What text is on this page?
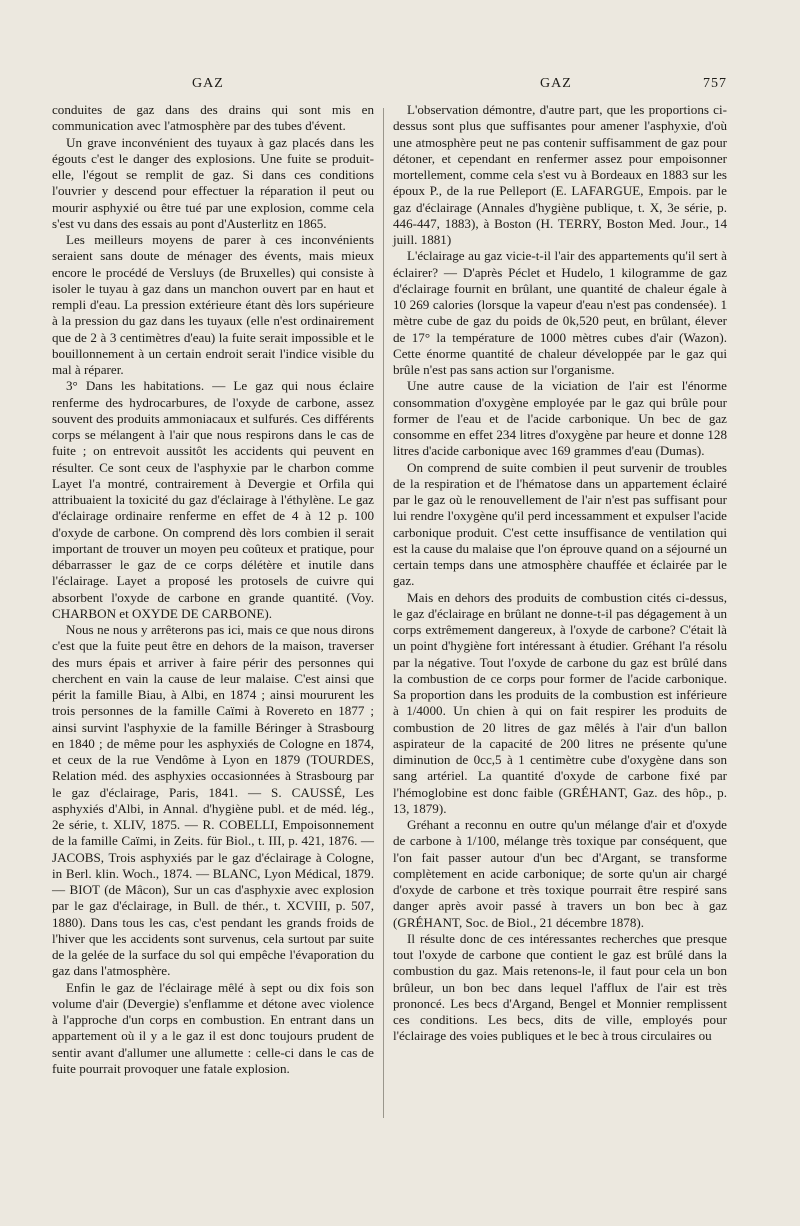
GAZ	GAZ	757

conduites de gaz dans des drains qui sont mis en communication avec l'atmosphère par des tubes d'évent.

Un grave inconvénient des tuyaux à gaz placés dans les égouts c'est le danger des explosions. Une fuite se produit-elle, l'égout se remplit de gaz. Si dans ces conditions l'ouvrier y descend pour effectuer la réparation il peut ou mourir asphyxié ou être tué par une explosion, comme cela s'est vu dans des essais au pont d'Austerlitz en 1865.

Les meilleurs moyens de parer à ces inconvénients seraient sans doute de ménager des évents, mais mieux encore le procédé de Versluys (de Bruxelles) qui consiste à isoler le tuyau à gaz dans un manchon ouvert par en haut et rempli d'eau. La pression extérieure étant dès lors supérieure à la pression du gaz dans les tuyaux (elle n'est ordinairement que de 2 à 3 centimètres d'eau) la fuite serait impossible et le bouillonnement à un certain endroit serait l'indice visible du mal à réparer.

3° Dans les habitations. — Le gaz qui nous éclaire renferme des hydrocarbures, de l'oxyde de carbone, assez souvent des produits ammoniacaux et sulfurés. Ces différents corps se mélangent à l'air que nous respirons dans le cas de fuite ; on entrevoit aussitôt les accidents qui peuvent en résulter. Ce sont ceux de l'asphyxie par le charbon comme Layet l'a montré, contrairement à Devergie et Orfila qui attribuaient la toxicité du gaz d'éclairage à l'éthylène. Le gaz d'éclairage ordinaire renferme en effet de 4 à 12 p. 100 d'oxyde de carbone. On comprend dès lors combien il serait important de trouver un moyen peu coûteux et pratique, pour débarrasser le gaz de ce corps délétère et inutile dans l'éclairage. Layet a proposé les protosels de cuivre qui absorbent l'oxyde de carbone en grande quantité. (Voy. CHARBON et OXYDE DE CARBONE).

Nous ne nous y arrêterons pas ici, mais ce que nous dirons c'est que la fuite peut être en dehors de la maison, traverser des murs épais et arriver à faire périr des personnes qui cherchent en vain la cause de leur malaise. C'est ainsi que périt la famille Biau, à Albi, en 1874 ; ainsi moururent les trois personnes de la famille Caïmi à Rovereto en 1877 ; ainsi survint l'asphyxie de la famille Béringer à Strasbourg en 1840 ; de même pour les asphyxiés de Cologne en 1874, et ceux de la rue Vendôme à Lyon en 1879 (TOURDES, Relation méd. des asphyxies occasionnées à Strasbourg par le gaz d'éclairage, Paris, 1841. — S. CAUSSÉ, Les asphyxiés d'Albi, in Annal. d'hygiène publ. et de méd. lég., 2e série, t. XLIV, 1875. — R. COBELLI, Empoisonnement de la famille Caïmi, in Zeits. für Biol., t. III, p. 421, 1876. — JACOBS, Trois asphyxiés par le gaz d'éclairage à Cologne, in Berl. klin. Woch., 1874. — BLANC, Lyon Médical, 1879. — BIOT (de Mâcon), Sur un cas d'asphyxie avec explosion par le gaz d'éclairage, in Bull. de thér., t. XCVIII, p. 507, 1880). Dans tous les cas, c'est pendant les grands froids de l'hiver que les accidents sont survenus, cela surtout par suite de la gelée de la surface du sol qui empêche l'évaporation du gaz dans l'atmosphère.

Enfin le gaz de l'éclairage mêlé à sept ou dix fois son volume d'air (Devergie) s'enflamme et détone avec violence à l'approche d'un corps en combustion. En entrant dans un appartement où il y a le gaz il est donc toujours prudent de sentir avant d'allumer une allumette : celle-ci dans le cas de fuite pourrait provoquer une fatale explosion.

L'observation démontre, d'autre part, que les proportions ci-dessus sont plus que suffisantes pour amener l'asphyxie, d'où une atmosphère peut ne pas contenir suffisamment de gaz pour détoner, et cependant en renfermer assez pour empoisonner mortellement, comme cela s'est vu à Bordeaux en 1883 sur les époux P., de la rue Pelleport (E. LAFARGUE, Empois. par le gaz d'éclairage (Annales d'hygiène publique, t. X, 3e série, p. 446-447, 1883), à Boston (H. TERRY, Boston Med. Jour., 14 juill. 1881)

L'éclairage au gaz vicie-t-il l'air des appartements qu'il sert à éclairer? — D'après Péclet et Hudelo, 1 kilogramme de gaz d'éclairage fournit en brûlant, une quantité de chaleur égale à 10 269 calories (lorsque la vapeur d'eau n'est pas condensée). 1 mètre cube de gaz du poids de 0k,520 peut, en brûlant, élever de 17° la température de 1000 mètres cubes d'air (Wazon). Cette énorme quantité de chaleur développée par le gaz qui brûle n'est pas sans action sur l'organisme.

Une autre cause de la viciation de l'air est l'énorme consommation d'oxygène employée par le gaz qui brûle pour former de l'eau et de l'acide carbonique. Un bec de gaz consomme en effet 234 litres d'oxygène par heure et donne 128 litres d'acide carbonique avec 169 grammes d'eau (Dumas).

On comprend de suite combien il peut survenir de troubles de la respiration et de l'hématose dans un appartement éclairé par le gaz où le renouvellement de l'air n'est pas suffisant pour lui rendre l'oxygène qu'il perd incessamment et expulser l'acide carbonique produit. C'est cette insuffisance de ventilation qui est la cause du malaise que l'on éprouve quand on a séjourné un certain temps dans une atmosphère chauffée et éclairée par le gaz.

Mais en dehors des produits de combustion cités ci-dessus, le gaz d'éclairage en brûlant ne donne-t-il pas dégagement à un corps extrêmement dangereux, à l'oxyde de carbone? C'était là un point d'hygiène fort intéressant à étudier. Gréhant l'a résolu par la négative. Tout l'oxyde de carbone du gaz est brûlé dans la combustion de ce corps pour former de l'acide carbonique. Sa proportion dans les produits de la combustion est inférieure à 1/4000. Un chien à qui on fait respirer les produits de combustion de 20 litres de gaz mêlés à l'air d'un ballon aspirateur de la capacité de 200 litres ne présente qu'une diminution de 0cc,5 à 1 centimètre cube d'oxygène dans son sang artériel. La quantité d'oxyde de carbone fixé par l'hémoglobine est donc faible (GRÉHANT, Gaz. des hôp., p. 13, 1879).

Gréhant a reconnu en outre qu'un mélange d'air et d'oxyde de carbone à 1/100, mélange très toxique par conséquent, que l'on fait passer autour d'un bec d'Argant, se transforme complètement en acide carbonique; de sorte qu'un air chargé d'oxyde de carbone et très toxique pourrait être respiré sans danger après avoir passé à travers un bon bec à gaz (GRÉHANT, Soc. de Biol., 21 décembre 1878).

Il résulte donc de ces intéressantes recherches que presque tout l'oxyde de carbone que contient le gaz est brûlé dans la combustion du gaz. Mais retenons-le, il faut pour cela un bon brûleur, un bon bec dans lequel l'afflux de l'air est très prononcé. Les becs d'Argand, Bengel et Monnier remplissent ces conditions. Les becs, dits de ville, employés pour l'éclairage des voies publiques et le bec à trous circulaires ou
